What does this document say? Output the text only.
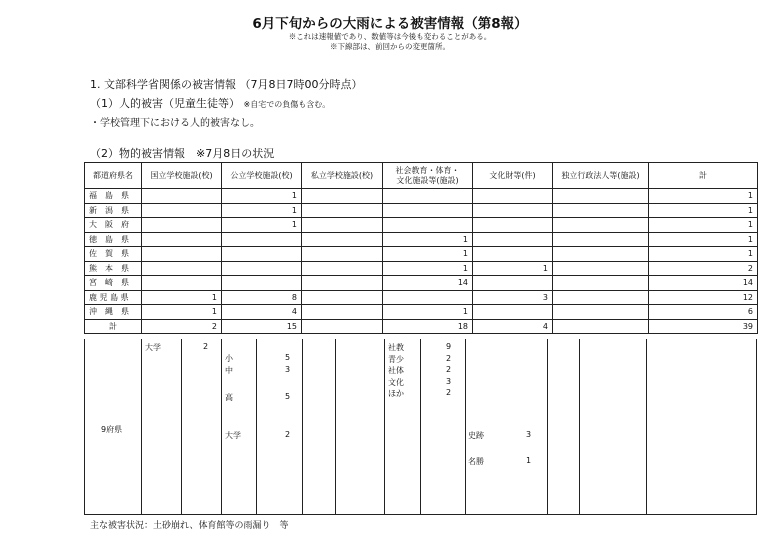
6月下旬からの大雨による被害情報（第8報）
※これは速報値であり、数値等は今後も変わることがある。
※下線部は、前回からの変更箇所。
1. 文部科学省関係の被害情報 （7月8日7時00分時点）
（1）人的被害（児童生徒等） ※自宅での負傷も含む。
・学校管理下における人的被害なし。
（2）物的被害情報　※7月8日の状況
都道府県名	国立学校施設(校)	公立学校施設(校)	私立学校施設(校)	社会教育・体育・
文化施設等(施設)	文化財等(件)	独立行政法人等(施設)	計
福　島　県		1					1
新　潟　県		1					1
大　阪　府		1					1
徳　島　県				1			1
佐　賀　県				1			1
熊　本　県				1	1		2
宮　崎　県				14			14
鹿 児 島 県	1	8			3		12
沖　縄　県	1	4		1			6
計	2	15		18	4		39
9府県
大学	2
小	5
中	3
高	5
大学	2
社教	9
青少	2
社体	2
文化	3
ほか	2
史跡	3
名勝	1
主な被害状況：土砂崩れ、体育館等の雨漏り　等
